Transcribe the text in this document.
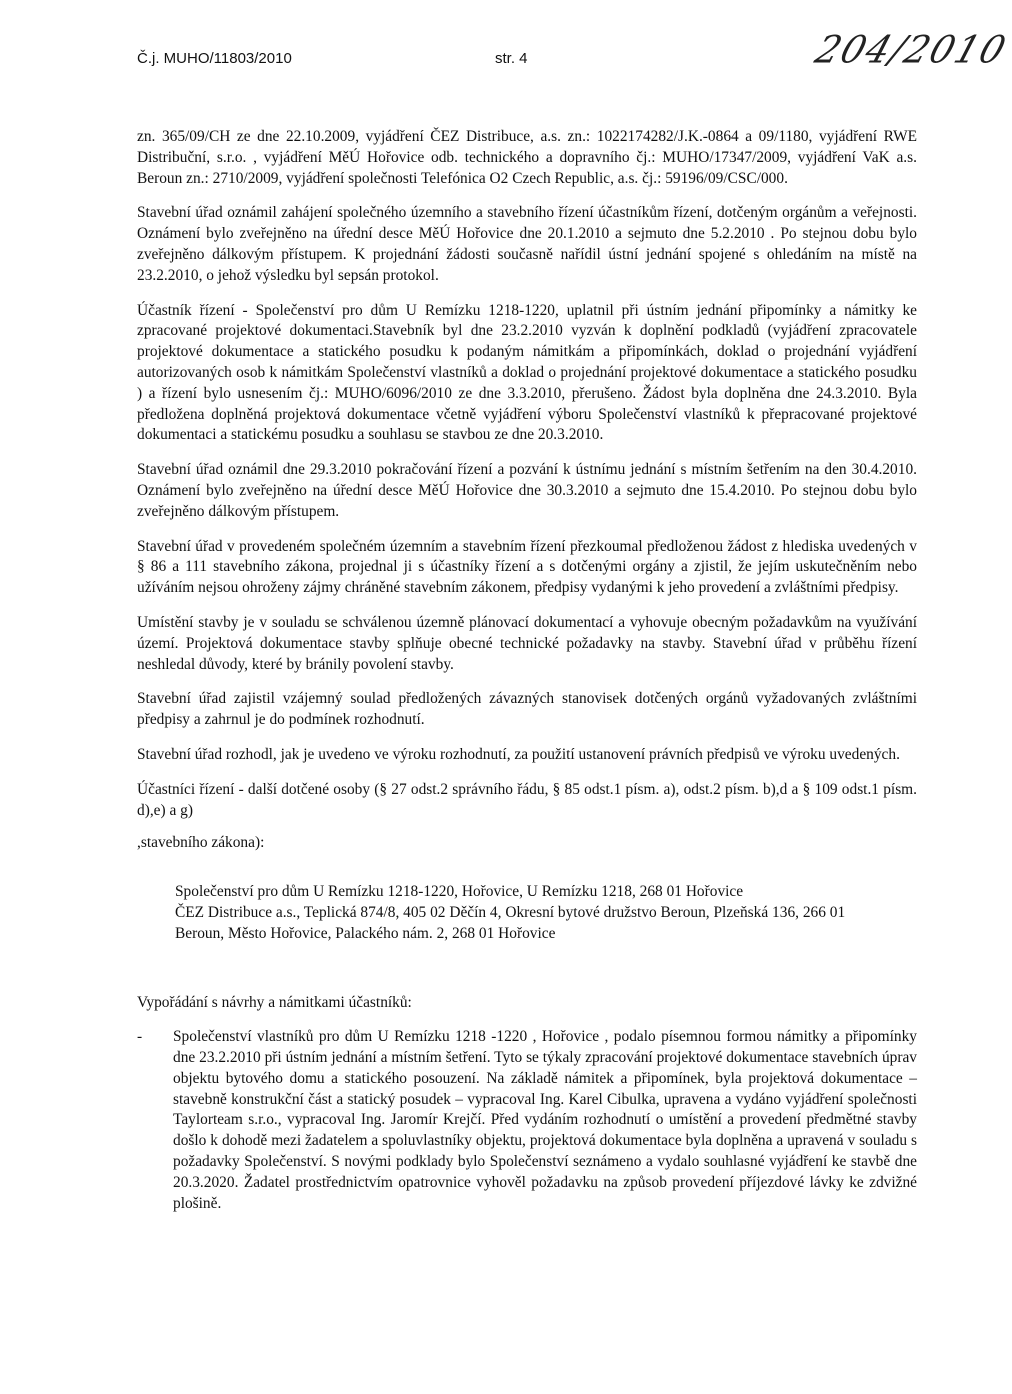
Č.j. MUHO/11803/2010	str. 4	204/2010

zn. 365/09/CH ze dne 22.10.2009, vyjádření ČEZ Distribuce, a.s. zn.: 1022174282/J.K.-0864 a 09/1180, vyjádření RWE Distribuční, s.r.o. , vyjádření MěÚ Hořovice odb. technického a dopravního čj.: MUHO/17347/2009, vyjádření VaK a.s. Beroun zn.: 2710/2009, vyjádření společnosti Telefónica O2 Czech Republic, a.s. čj.: 59196/09/CSC/000.

Stavební úřad oznámil zahájení společného územního a stavebního řízení účastníkům řízení, dotčeným orgánům a veřejnosti. Oznámení bylo zveřejněno na úřední desce MěÚ Hořovice dne 20.1.2010 a sejmuto dne 5.2.2010 . Po stejnou dobu bylo zveřejněno dálkovým přístupem. K projednání žádosti současně nařídil ústní jednání spojené s ohledáním na místě na 23.2.2010, o jehož výsledku byl sepsán protokol.

Účastník řízení - Společenství pro dům U Remízku 1218-1220, uplatnil při ústním jednání připomínky a námitky ke zpracované projektové dokumentaci.Stavebník byl dne 23.2.2010 vyzván k doplnění podkladů (vyjádření zpracovatele projektové dokumentace a statického posudku k podaným námitkám a připomínkách, doklad o projednání vyjádření autorizovaných osob k námitkám Společenství vlastníků a doklad o projednání projektové dokumentace a statického posudku ) a řízení bylo usnesením čj.: MUHO/6096/2010 ze dne 3.3.2010, přerušeno. Žádost byla doplněna dne 24.3.2010. Byla předložena doplněná projektová dokumentace včetně vyjádření výboru Společenství vlastníků k přepracované projektové dokumentaci a statickému posudku a souhlasu se stavbou ze dne 20.3.2010.

Stavební úřad oznámil dne 29.3.2010 pokračování řízení a pozvání k ústnímu jednání s místním šetřením na den 30.4.2010. Oznámení bylo zveřejněno na úřední desce MěÚ Hořovice dne 30.3.2010 a sejmuto dne 15.4.2010. Po stejnou dobu bylo zveřejněno dálkovým přístupem.

Stavební úřad v provedeném společném územním a stavebním řízení přezkoumal předloženou žádost z hlediska uvedených v § 86 a 111 stavebního zákona, projednal ji s účastníky řízení a s dotčenými orgány a zjistil, že jejím uskutečněním nebo užíváním nejsou ohroženy zájmy chráněné stavebním zákonem, předpisy vydanými k jeho provedení a zvláštními předpisy.

Umístění stavby je v souladu se schválenou územně plánovací dokumentací a vyhovuje obecným požadavkům na využívání území. Projektová dokumentace stavby splňuje obecné technické požadavky na stavby. Stavební úřad v průběhu řízení neshledal důvody, které by bránily povolení stavby.

Stavební úřad zajistil vzájemný soulad předložených závazných stanovisek dotčených orgánů vyžadovaných zvláštními předpisy a zahrnul je do podmínek rozhodnutí.

Stavební úřad rozhodl, jak je uvedeno ve výroku rozhodnutí, za použití ustanovení právních předpisů ve výroku uvedených.

Účastníci řízení - další dotčené osoby (§ 27 odst.2 správního řádu, § 85 odst.1 písm. a), odst.2 písm. b),d a § 109 odst.1 písm. d),e) a g)

,stavebního zákona):

Společenství pro dům U Remízku 1218-1220, Hořovice, U Remízku 1218, 268 01 Hořovice

ČEZ Distribuce a.s., Teplická 874/8, 405 02 Děčín 4, Okresní bytové družstvo Beroun, Plzeňská 136, 266 01 Beroun, Město Hořovice, Palackého nám. 2, 268 01 Hořovice

Vypořádání s návrhy a námitkami účastníků:

- Společenství vlastníků pro dům U Remízku 1218 -1220 , Hořovice , podalo písemnou formou námitky a připomínky dne 23.2.2010 při ústním jednání a místním šetření. Tyto se týkaly zpracování projektové dokumentace stavebních úprav objektu bytového domu a statického posouzení. Na základě námitek a připomínek, byla projektová dokumentace – stavebně konstrukční část a statický posudek – vypracoval Ing. Karel Cibulka, upravena a vydáno vyjádření společnosti Taylorteam s.r.o., vypracoval Ing. Jaromír Krejčí. Před vydáním rozhodnutí o umístění a provedení předmětné stavby došlo k dohodě mezi žadatelem a spoluvlastníky objektu, projektová dokumentace byla doplněna a upravená v souladu s požadavky Společenství. S novými podklady bylo Společenství seznámeno a vydalo souhlasné vyjádření ke stavbě dne 20.3.2020. Žadatel prostřednictvím opatrovnice vyhověl požadavku na způsob provedení příjezdové lávky ke zdvižné plošině.
